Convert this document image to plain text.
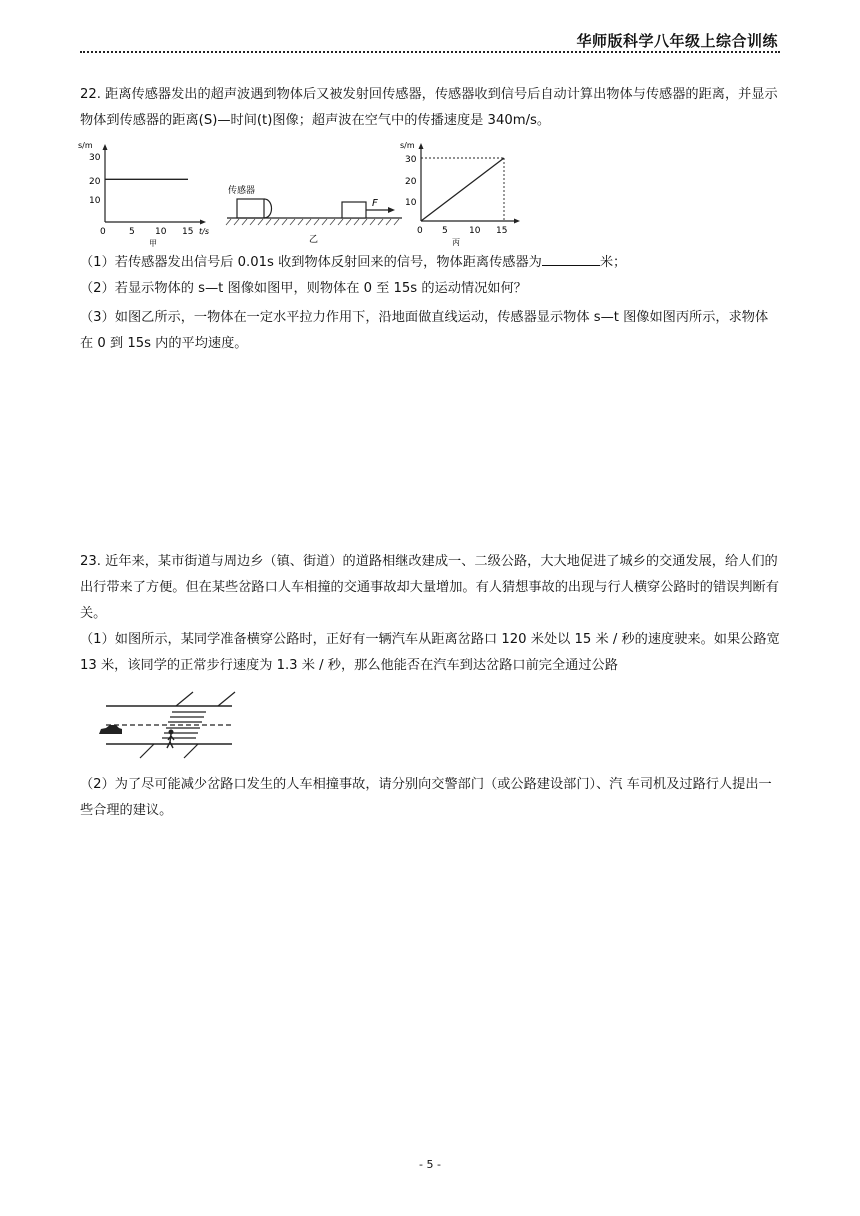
华师版科学八年级上综合训练
22. 距离传感器发出的超声波遇到物体后又被发射回传感器，传感器收到信号后自动计算出物体与传感器的距离，并显示物体到传感器的距离(S)—时间(t)图像；超声波在空气中的传播速度是 340m/s。
s/m
30
20
10
0	5 10 15 t/s
甲
传感器
F
乙
s/m
30
20
10
0 5 10 15
丙
（1）若传感器发出信号后 0.01s 收到物体反射回来的信号，物体距离传感器为	米；
（2）若显示物体的 s—t 图像如图甲，则物体在 0 至 15s 的运动情况如何？
（3）如图乙所示，一物体在一定水平拉力作用下，沿地面做直线运动，传感器显示物体 s—t 图像如图丙所示，求物体在 0 到 15s 内的平均速度。
23. 近年来，某市街道与周边乡（镇、街道）的道路相继改建成一、二级公路，大大地促进了城乡的交通发展，给人们的出行带来了方便。但在某些岔路口人车相撞的交通事故却大量增加。有人猜想事故的出现与行人横穿公路时的错误判断有关。
（1）如图所示，某同学准备横穿公路时，正好有一辆汽车从距离岔路口 120 米处以 15 米 / 秒的速度驶来。如果公路宽 13 米，该同学的正常步行速度为 1.3 米 / 秒，那么他能否在汽车到达岔路口前完全通过公路
（2）为了尽可能减少岔路口发生的人车相撞事故，请分别向交警部门（或公路建设部门）、汽 车司机及过路行人提出一些合理的建议。
- 5 -
